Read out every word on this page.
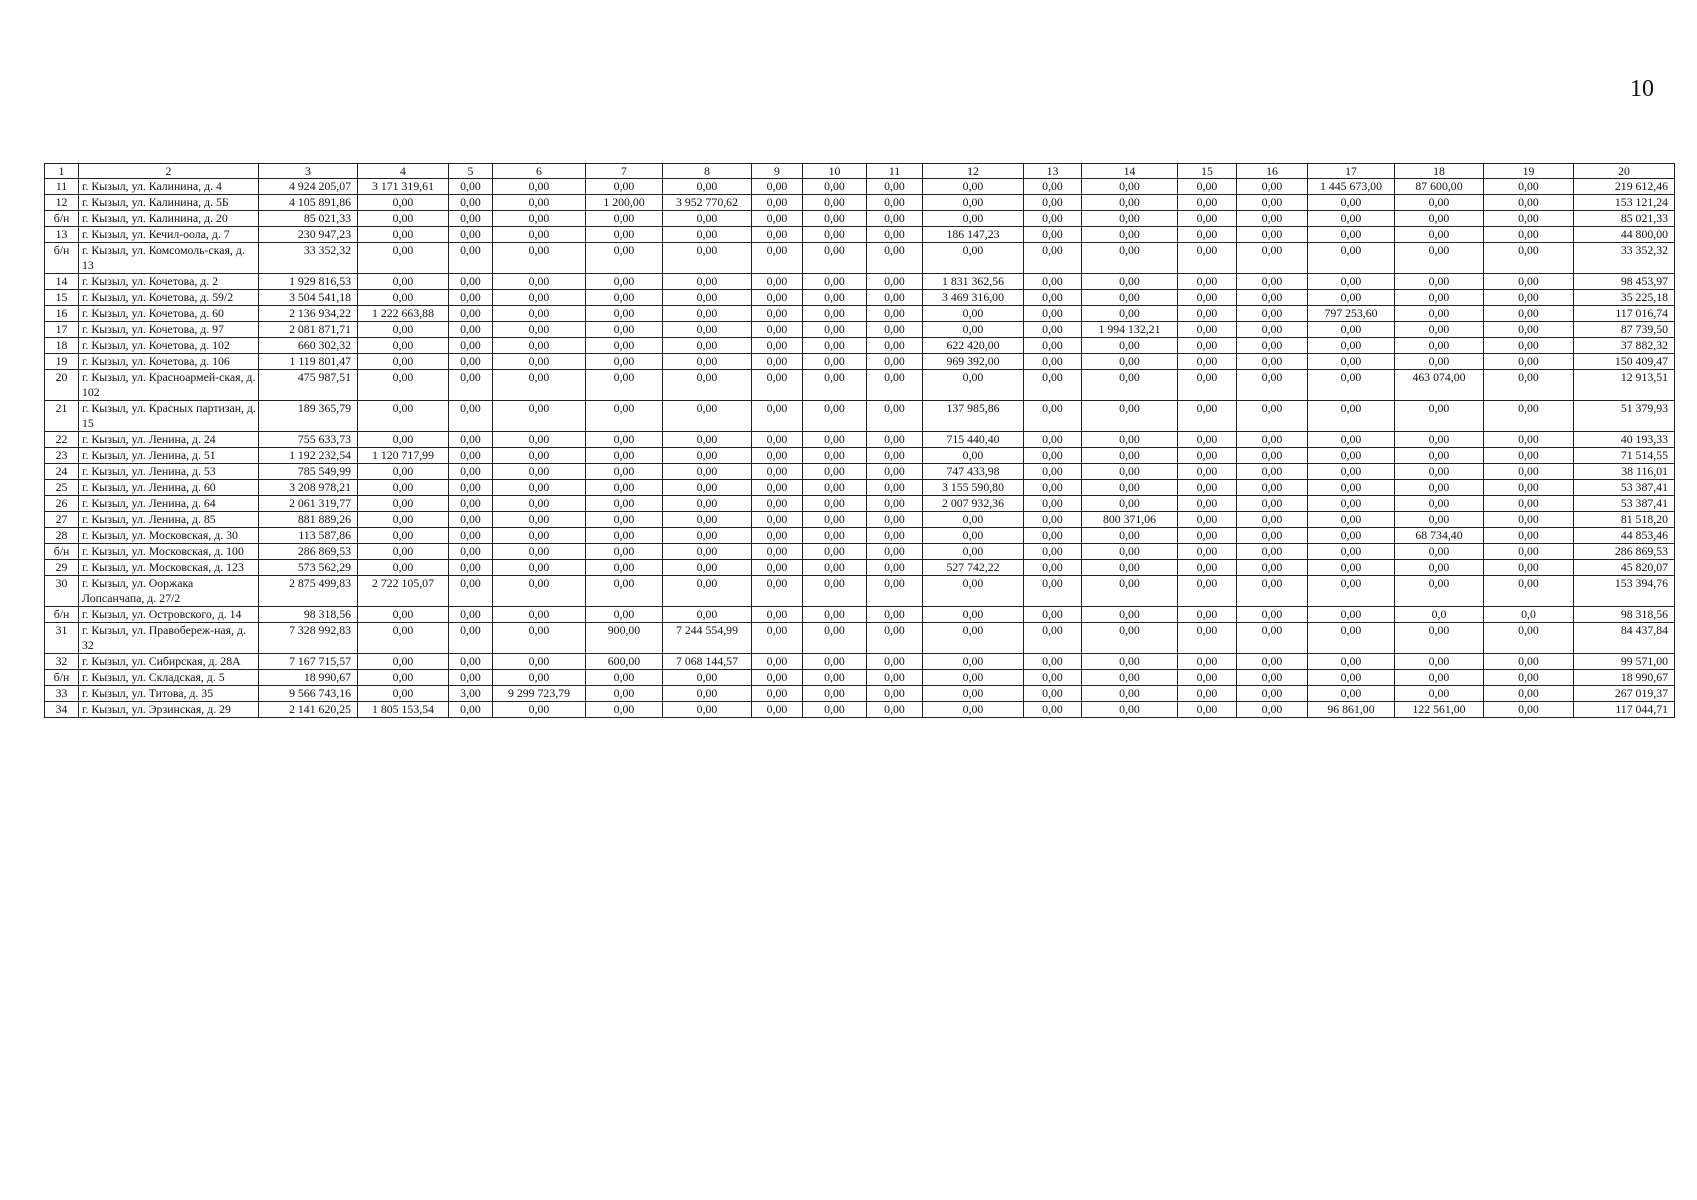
10
1	2	3	4	5	6	7	8	9	10	11	12	13	14	15	16	17	18	19	20
11	г. Кызыл, ул. Калинина, д. 4	4 924 205,07	3 171 319,61	0,00	0,00	0,00	0,00	0,00	0,00	0,00	0,00	0,00	0,00	0,00	0,00	1 445 673,00	87 600,00	0,00	219 612,46
12	г. Кызыл, ул. Калинина, д. 5Б	4 105 891,86	0,00	0,00	0,00	1 200,00	3 952 770,62	0,00	0,00	0,00	0,00	0,00	0,00	0,00	0,00	0,00	0,00	0,00	153 121,24
б/н	г. Кызыл, ул. Калинина, д. 20	85 021,33	0,00	0,00	0,00	0,00	0,00	0,00	0,00	0,00	0,00	0,00	0,00	0,00	0,00	0,00	0,00	0,00	85 021,33
13	г. Кызыл, ул. Кечил-оола, д. 7	230 947,23	0,00	0,00	0,00	0,00	0,00	0,00	0,00	0,00	186 147,23	0,00	0,00	0,00	0,00	0,00	0,00	0,00	44 800,00
б/н	г. Кызыл, ул. Комсомоль-ская, д. 13	33 352,32	0,00	0,00	0,00	0,00	0,00	0,00	0,00	0,00	0,00	0,00	0,00	0,00	0,00	0,00	0,00	0,00	33 352,32
14	г. Кызыл, ул. Кочетова, д. 2	1 929 816,53	0,00	0,00	0,00	0,00	0,00	0,00	0,00	0,00	1 831 362,56	0,00	0,00	0,00	0,00	0,00	0,00	0,00	98 453,97
15	г. Кызыл, ул. Кочетова, д. 59/2	3 504 541,18	0,00	0,00	0,00	0,00	0,00	0,00	0,00	0,00	3 469 316,00	0,00	0,00	0,00	0,00	0,00	0,00	0,00	35 225,18
16	г. Кызыл, ул. Кочетова, д. 60	2 136 934,22	1 222 663,88	0,00	0,00	0,00	0,00	0,00	0,00	0,00	0,00	0,00	0,00	0,00	0,00	797 253,60	0,00	0,00	117 016,74
17	г. Кызыл, ул. Кочетова, д. 97	2 081 871,71	0,00	0,00	0,00	0,00	0,00	0,00	0,00	0,00	0,00	0,00	1 994 132,21	0,00	0,00	0,00	0,00	0,00	87 739,50
18	г. Кызыл, ул. Кочетова, д. 102	660 302,32	0,00	0,00	0,00	0,00	0,00	0,00	0,00	0,00	622 420,00	0,00	0,00	0,00	0,00	0,00	0,00	0,00	37 882,32
19	г. Кызыл, ул. Кочетова, д. 106	1 119 801,47	0,00	0,00	0,00	0,00	0,00	0,00	0,00	0,00	969 392,00	0,00	0,00	0,00	0,00	0,00	0,00	0,00	150 409,47
20	г. Кызыл, ул. Красноармей-ская, д. 102	475 987,51	0,00	0,00	0,00	0,00	0,00	0,00	0,00	0,00	0,00	0,00	0,00	0,00	0,00	0,00	463 074,00	0,00	12 913,51
21	г. Кызыл, ул. Красных партизан, д. 15	189 365,79	0,00	0,00	0,00	0,00	0,00	0,00	0,00	0,00	137 985,86	0,00	0,00	0,00	0,00	0,00	0,00	0,00	51 379,93
22	г. Кызыл, ул. Ленина, д. 24	755 633,73	0,00	0,00	0,00	0,00	0,00	0,00	0,00	0,00	715 440,40	0,00	0,00	0,00	0,00	0,00	0,00	0,00	40 193,33
23	г. Кызыл, ул. Ленина, д. 51	1 192 232,54	1 120 717,99	0,00	0,00	0,00	0,00	0,00	0,00	0,00	0,00	0,00	0,00	0,00	0,00	0,00	0,00	0,00	71 514,55
24	г. Кызыл, ул. Ленина, д. 53	785 549,99	0,00	0,00	0,00	0,00	0,00	0,00	0,00	0,00	747 433,98	0,00	0,00	0,00	0,00	0,00	0,00	0,00	38 116,01
25	г. Кызыл, ул. Ленина, д. 60	3 208 978,21	0,00	0,00	0,00	0,00	0,00	0,00	0,00	0,00	3 155 590,80	0,00	0,00	0,00	0,00	0,00	0,00	0,00	53 387,41
26	г. Кызыл, ул. Ленина, д. 64	2 061 319,77	0,00	0,00	0,00	0,00	0,00	0,00	0,00	0,00	2 007 932,36	0,00	0,00	0,00	0,00	0,00	0,00	0,00	53 387,41
27	г. Кызыл, ул. Ленина, д. 85	881 889,26	0,00	0,00	0,00	0,00	0,00	0,00	0,00	0,00	0,00	0,00	800 371,06	0,00	0,00	0,00	0,00	0,00	81 518,20
28	г. Кызыл, ул. Московская, д. 30	113 587,86	0,00	0,00	0,00	0,00	0,00	0,00	0,00	0,00	0,00	0,00	0,00	0,00	0,00	0,00	68 734,40	0,00	44 853,46
б/н	г. Кызыл, ул. Московская, д. 100	286 869,53	0,00	0,00	0,00	0,00	0,00	0,00	0,00	0,00	0,00	0,00	0,00	0,00	0,00	0,00	0,00	0,00	286 869,53
29	г. Кызыл, ул. Московская, д. 123	573 562,29	0,00	0,00	0,00	0,00	0,00	0,00	0,00	0,00	527 742,22	0,00	0,00	0,00	0,00	0,00	0,00	0,00	45 820,07
30	г. Кызыл, ул. Ооржака Лопсанчапа, д. 27/2	2 875 499,83	2 722 105,07	0,00	0,00	0,00	0,00	0,00	0,00	0,00	0,00	0,00	0,00	0,00	0,00	0,00	0,00	0,00	153 394,76
б/н	г. Кызыл, ул. Островского, д. 14	98 318,56	0,00	0,00	0,00	0,00	0,00	0,00	0,00	0,00	0,00	0,00	0,00	0,00	0,00	0,00	0,0	0,0	98 318,56
31	г. Кызыл, ул. Правобереж-ная, д. 32	7 328 992,83	0,00	0,00	0,00	900,00	7 244 554,99	0,00	0,00	0,00	0,00	0,00	0,00	0,00	0,00	0,00	0,00	0,00	84 437,84
32	г. Кызыл, ул. Сибирская, д. 28А	7 167 715,57	0,00	0,00	0,00	600,00	7 068 144,57	0,00	0,00	0,00	0,00	0,00	0,00	0,00	0,00	0,00	0,00	0,00	99 571,00
б/н	г. Кызыл, ул. Складская, д. 5	18 990,67	0,00	0,00	0,00	0,00	0,00	0,00	0,00	0,00	0,00	0,00	0,00	0,00	0,00	0,00	0,00	0,00	18 990,67
33	г. Кызыл, ул. Титова, д. 35	9 566 743,16	0,00	3,00	9 299 723,79	0,00	0,00	0,00	0,00	0,00	0,00	0,00	0,00	0,00	0,00	0,00	0,00	0,00	267 019,37
34	г. Кызыл, ул. Эрзинская, д. 29	2 141 620,25	1 805 153,54	0,00	0,00	0,00	0,00	0,00	0,00	0,00	0,00	0,00	0,00	0,00	0,00	96 861,00	122 561,00	0,00	117 044,71
